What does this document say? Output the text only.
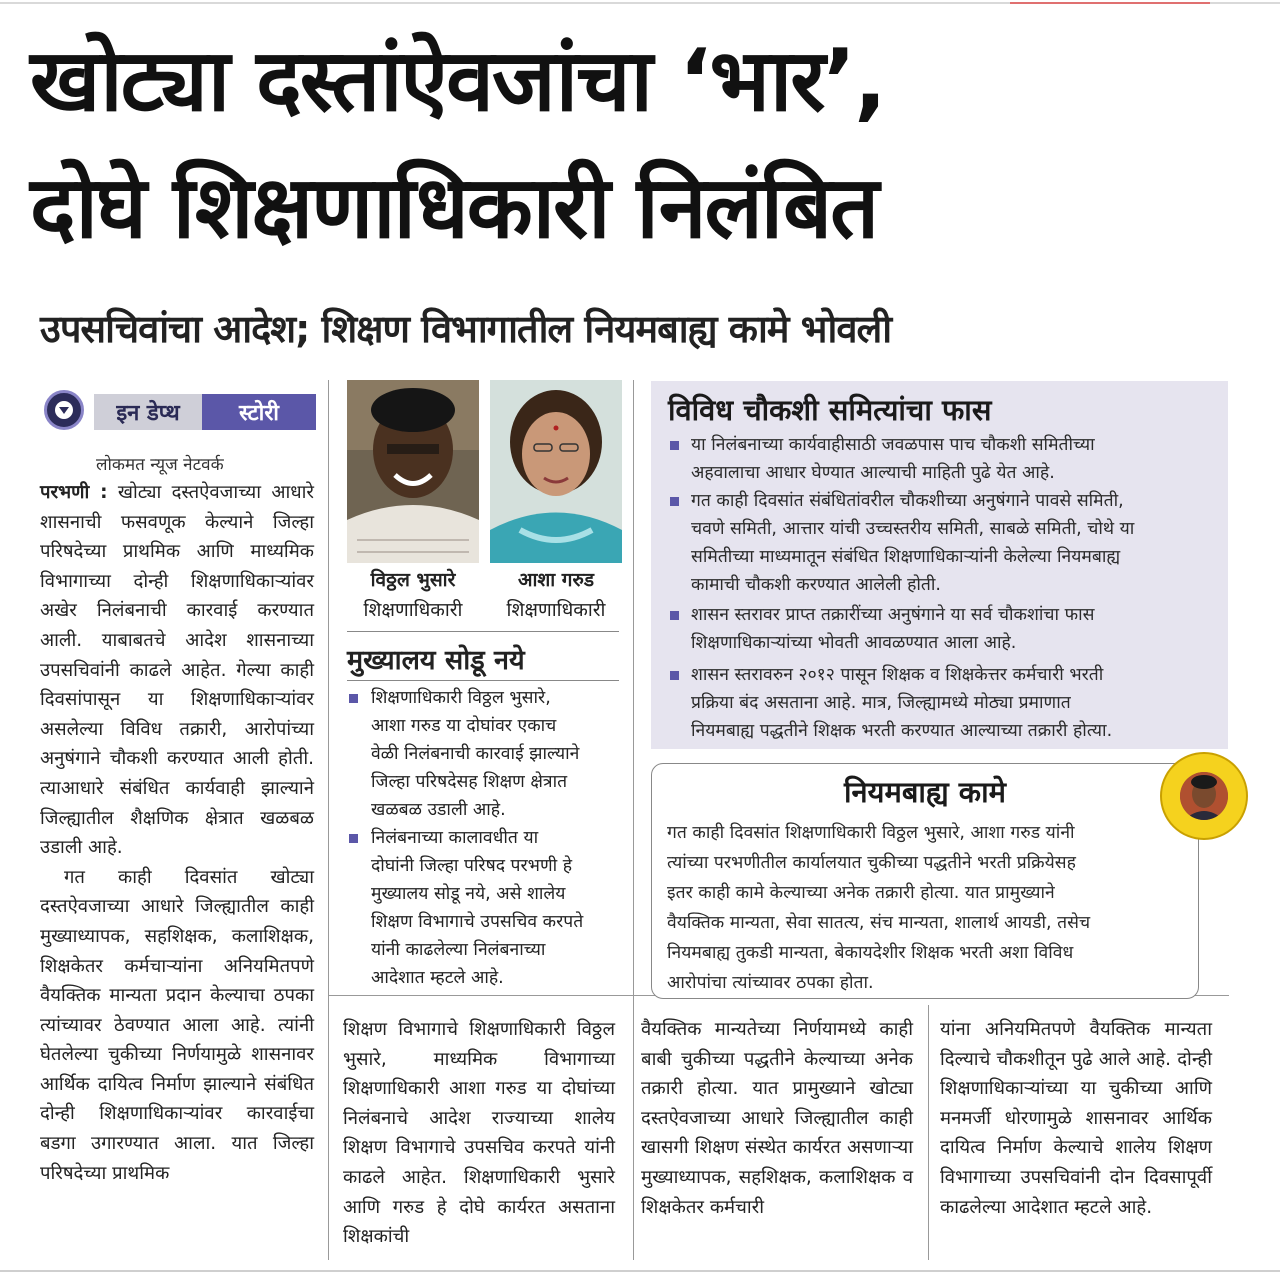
खोट्या दस्तांऐवजांचा ‘भार’,
दोघे शिक्षणाधिकारी निलंबित
उपसचिवांचा आदेश; शिक्षण विभागातील नियमबाह्य कामे भोवली
इन डेप्थ	स्टोरी
लोकमत न्यूज नेटवर्क

परभणी : खोट्या दस्तऐवजाच्या आधारे शासनाची फसवणूक केल्याने जिल्हा परिषदेच्या प्राथमिक आणि माध्यमिक विभागाच्या दोन्ही शिक्षणाधिकाऱ्यांवर अखेर निलंबनाची कारवाई करण्यात आली. याबाबतचे आदेश शासनाच्या उपसचिवांनी काढले आहेत. गेल्या काही दिवसांपासून या शिक्षणाधिकाऱ्यांवर असलेल्या विविध तक्रारी, आरोपांच्या अनुषंगाने चौकशी करण्यात आली होती. त्याआधारे संबंधित कार्यवाही झाल्याने जिल्ह्यातील शैक्षणिक क्षेत्रात खळबळ उडाली आहे.

गत काही दिवसांत खोट्या दस्तऐवजाच्या आधारे जिल्ह्यातील काही मुख्याध्यापक, सहशिक्षक, कलाशिक्षक, शिक्षकेतर कर्मचाऱ्यांना अनियमितपणे वैयक्तिक मान्यता प्रदान केल्याचा ठपका त्यांच्यावर ठेवण्यात आला आहे. त्यांनी घेतलेल्या चुकीच्या निर्णयामुळे शासनावर आर्थिक दायित्व निर्माण झाल्याने संबंधित दोन्ही शिक्षणाधिकाऱ्यांवर कारवाईचा बडगा उगारण्यात आला. यात जिल्हा परिषदेच्या प्राथमिक

विठ्ठल भुसारे
शिक्षणाधिकारी
आशा गरुड
शिक्षणाधिकारी
मुख्यालय सोडू नये
शिक्षणाधिकारी विठ्ठल भुसारे,
आशा गरुड या दोघांवर एकाच
वेळी निलंबनाची कारवाई झाल्याने
जिल्हा परिषदेसह शिक्षण क्षेत्रात
खळबळ उडाली आहे.
निलंबनाच्या कालावधीत या
दोघांनी जिल्हा परिषद परभणी हे
मुख्यालय सोडू नये, असे शालेय
शिक्षण विभागाचे उपसचिव करपते
यांनी काढलेल्या निलंबनाच्या
आदेशात म्हटले आहे.
विविध चौकशी समित्यांचा फास
या निलंबनाच्या कार्यवाहीसाठी जवळपास पाच चौकशी समितीच्या
अहवालाचा आधार घेण्यात आल्याची माहिती पुढे येत आहे.
गत काही दिवसांत संबंधितांवरील चौकशीच्या अनुषंगाने पावसे समिती,
चवणे समिती, आत्तार यांची उच्चस्तरीय समिती, साबळे समिती, चोथे या
समितीच्या माध्यमातून संबंधित शिक्षणाधिकाऱ्यांनी केलेल्या नियमबाह्य
कामाची चौकशी करण्यात आलेली होती.
शासन स्तरावर प्राप्त तक्रारींच्या अनुषंगाने या सर्व चौकशांचा फास
शिक्षणाधिकाऱ्यांच्या भोवती आवळण्यात आला आहे.
शासन स्तरावरुन २०१२ पासून शिक्षक व शिक्षकेत्तर कर्मचारी भरती
प्रक्रिया बंद असताना आहे. मात्र, जिल्ह्यामध्ये मोठ्या प्रमाणात
नियमबाह्य पद्धतीने शिक्षक भरती करण्यात आल्याच्या तक्रारी होत्या.
नियमबाह्य कामे
गत काही दिवसांत शिक्षणाधिकारी विठ्ठल भुसारे, आशा गरुड यांनी
त्यांच्या परभणीतील कार्यालयात चुकीच्या पद्धतीने भरती प्रक्रियेसह
इतर काही कामे केल्याच्या अनेक तक्रारी होत्या. यात प्रामुख्याने
वैयक्तिक मान्यता, सेवा सातत्य, संच मान्यता, शालार्थ आयडी, तसेच
नियमबाह्य तुकडी मान्यता, बेकायदेशीर शिक्षक भरती अशा विविध
आरोपांचा त्यांच्यावर ठपका होता.
शिक्षण विभागाचे शिक्षणाधिकारी विठ्ठल भुसारे, माध्यमिक विभागाच्या शिक्षणाधिकारी आशा गरुड या दोघांच्या निलंबनाचे आदेश राज्याच्या शालेय शिक्षण विभागाचे उपसचिव करपते यांनी काढले आहेत. शिक्षणाधिकारी भुसारे आणि गरुड हे दोघे कार्यरत असताना शिक्षकांची
वैयक्तिक मान्यतेच्या निर्णयामध्ये काही बाबी चुकीच्या पद्धतीने केल्याच्या अनेक तक्रारी होत्या. यात प्रामुख्याने खोट्या दस्तऐवजाच्या आधारे जिल्ह्यातील काही खासगी शिक्षण संस्थेत कार्यरत असणाऱ्या मुख्याध्यापक, सहशिक्षक, कलाशिक्षक व शिक्षकेतर कर्मचारी
यांना अनियमितपणे वैयक्तिक मान्यता दिल्याचे चौकशीतून पुढे आले आहे. दोन्ही शिक्षणाधिकाऱ्यांच्या या चुकीच्या आणि मनमर्जी धोरणामुळे शासनावर आर्थिक दायित्व निर्माण केल्याचे शालेय शिक्षण विभागाच्या उपसचिवांनी दोन दिवसापूर्वी काढलेल्या आदेशात म्हटले आहे.
